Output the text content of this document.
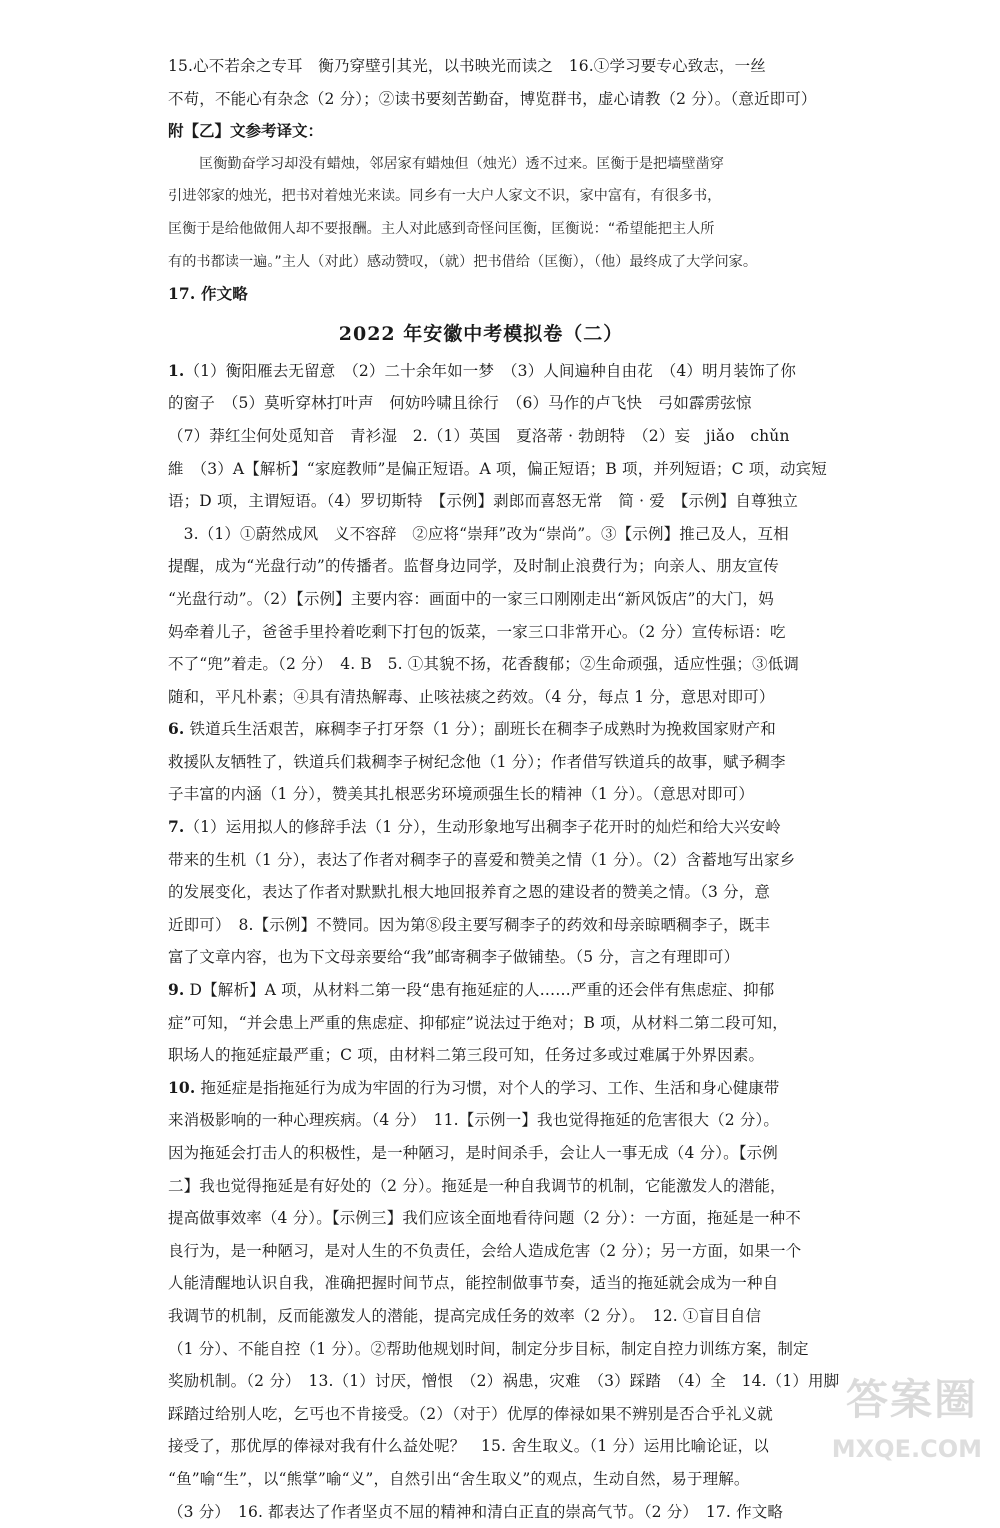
15.心不若余之专耳　衡乃穿壁引其光，以书映光而读之　16.①学习要专心致志，一丝
不苟，不能心有杂念（2 分）；②读书要刻苦勤奋，博览群书，虚心请教（2 分）。（意近即可）
附【乙】文参考译文：
匡衡勤奋学习却没有蜡烛，邻居家有蜡烛但（烛光）透不过来。匡衡于是把墙壁凿穿
引进邻家的烛光，把书对着烛光来读。同乡有一大户人家文不识，家中富有，有很多书，
匡衡于是给他做佣人却不要报酬。主人对此感到奇怪问匡衡，匡衡说：“希望能把主人所
有的书都读一遍。”主人（对此）感动赞叹，（就）把书借给（匡衡），（他）最终成了大学问家。
17. 作文略
2022 年安徽中考模拟卷（二）
1.（1）衡阳雁去无留意　（2）二十余年如一梦　（3）人间遍种自由花　（4）明月装饰了你
的窗子　（5）莫听穿林打叶声　何妨吟啸且徐行　（6）马作的卢飞快　弓如霹雳弦惊
（7）莽红尘何处觅知音　青衫湿　2.（1）英国　夏洛蒂 · 勃朗特　（2）妄　jiǎo　chǔn
維　（3）A【解析】“家庭教师”是偏正短语。A 项，偏正短语；B 项，并列短语；C 项，动宾短
语；D 项，主谓短语。（4）罗切斯特　【示例】剥郎而喜怒无常　简 · 爱　【示例】自尊独立
　3.（1）①蔚然成风　义不容辞　②应将“崇拜”改为“崇尚”。③【示例】推己及人，互相
提醒，成为“光盘行动”的传播者。监督身边同学，及时制止浪费行为；向亲人、朋友宣传
“光盘行动”。（2）【示例】主要内容：画面中的一家三口刚刚走出“新风饭店”的大门，妈
妈牵着儿子，爸爸手里拎着吃剩下打包的饭菜，一家三口非常开心。（2 分）宣传标语：吃
不了“兜”着走。（2 分）　4. B　5. ①其貌不扬，花香馥郁；②生命顽强，适应性强；③低调
随和，平凡朴素；④具有清热解毒、止咳祛痰之药效。（4 分，每点 1 分，意思对即可）
6. 铁道兵生活艰苦，麻稠李子打牙祭（1 分）；副班长在稠李子成熟时为挽救国家财产和
救援队友牺牲了，铁道兵们栽稠李子树纪念他（1 分）；作者借写铁道兵的故事，赋予稠李
子丰富的内涵（1 分），赞美其扎根恶劣环境顽强生长的精神（1 分）。（意思对即可）
7.（1）运用拟人的修辞手法（1 分），生动形象地写出稠李子花开时的灿烂和给大兴安岭
带来的生机（1 分），表达了作者对稠李子的喜爱和赞美之情（1 分）。（2）含蓄地写出家乡
的发展变化，表达了作者对默默扎根大地回报养育之恩的建设者的赞美之情。（3 分，意
近即可）　8.【示例】不赞同。因为第⑧段主要写稠李子的药效和母亲晾晒稠李子，既丰
富了文章内容，也为下文母亲要给“我”邮寄稠李子做铺垫。（5 分，言之有理即可）
9. D【解析】A 项，从材料二第一段“患有拖延症的人……严重的还会伴有焦虑症、抑郁
症”可知，“并会患上严重的焦虑症、抑郁症”说法过于绝对；B 项，从材料二第二段可知，
职场人的拖延症最严重；C 项，由材料二第三段可知，任务过多或过难属于外界因素。
10. 拖延症是指拖延行为成为牢固的行为习惯，对个人的学习、工作、生活和身心健康带
来消极影响的一种心理疾病。（4 分）　11.【示例一】我也觉得拖延的危害很大（2 分）。
因为拖延会打击人的积极性，是一种陋习，是时间杀手，会让人一事无成（4 分）。【示例
二】我也觉得拖延是有好处的（2 分）。拖延是一种自我调节的机制，它能激发人的潜能，
提高做事效率（4 分）。【示例三】我们应该全面地看待问题（2 分）：一方面，拖延是一种不
良行为，是一种陋习，是对人生的不负责任，会给人造成危害（2 分）；另一方面，如果一个
人能清醒地认识自我，准确把握时间节点，能控制做事节奏，适当的拖延就会成为一种自
我调节的机制，反而能激发人的潜能，提高完成任务的效率（2 分）。　12. ①盲目自信
（1 分）、不能自控（1 分）。②帮助他规划时间，制定分步目标，制定自控力训练方案，制定
奖励机制。（2 分）　13.（1）讨厌，憎恨　（2）祸患，灾难　（3）踩踏　（4）全　14.（1）用脚
踩踏过给别人吃，乞丐也不肯接受。（2）（对于）优厚的俸禄如果不辨别是否合乎礼义就
接受了，那优厚的俸禄对我有什么益处呢？　15. 舍生取义。（1 分）运用比喻论证，以
“鱼”喻“生”，以“熊掌”喻“义”，自然引出“舍生取义”的观点，生动自然，易于理解。
（3 分）　16. 都表达了作者坚贞不屈的精神和清白正直的崇高气节。（2 分）　17. 作文略
答案圈
MXQE.COM
